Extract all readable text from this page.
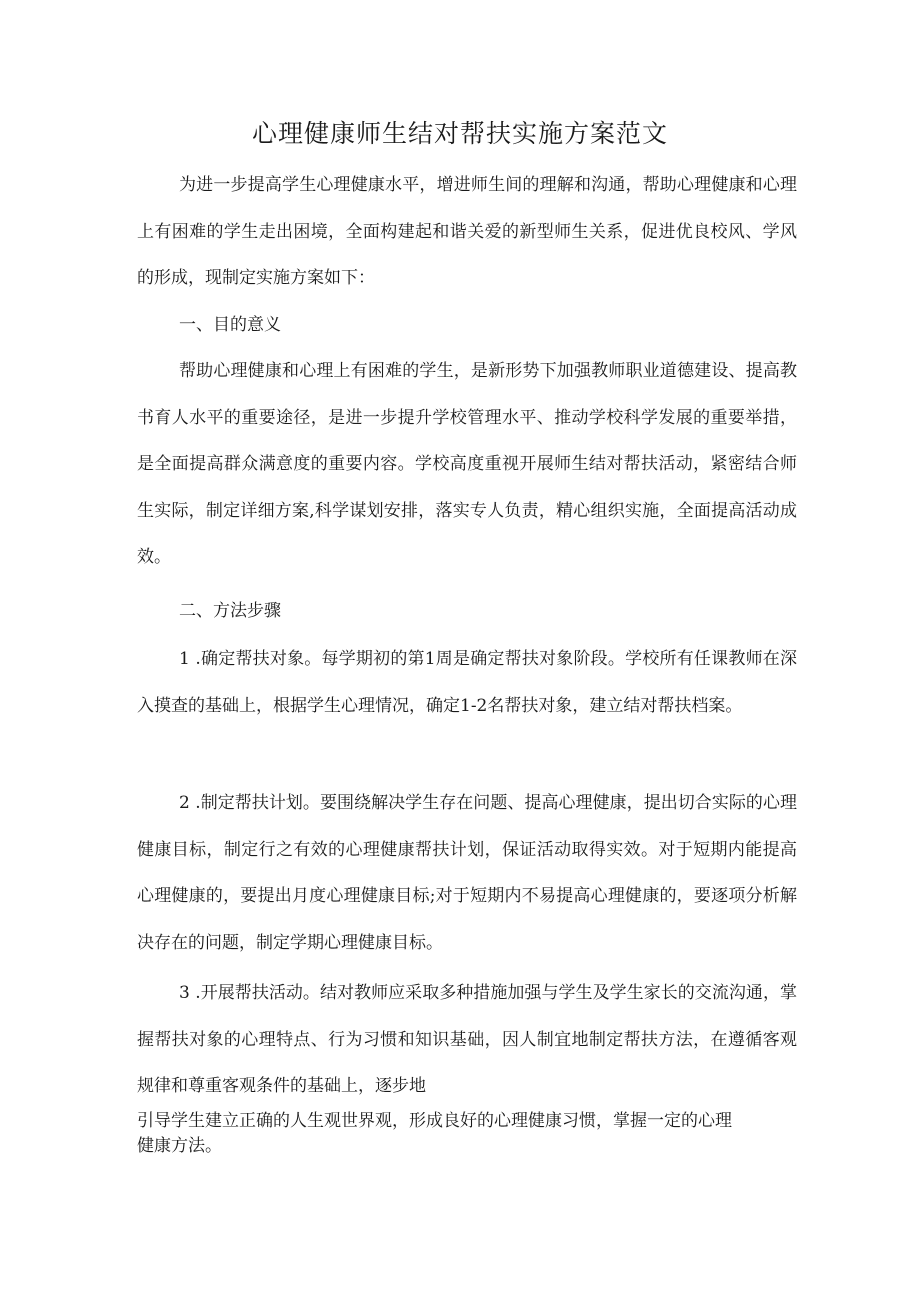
心理健康师生结对帮扶实施方案范文

为进一步提高学生心理健康水平，增进师生间的理解和沟通，帮助心理健康和心理上有困难的学生走出困境，全面构建起和谐关爱的新型师生关系，促进优良校风、学风的形成，现制定实施方案如下：

一、目的意义

帮助心理健康和心理上有困难的学生，是新形势下加强教师职业道德建设、提高教书育人水平的重要途径，是进一步提升学校管理水平、推动学校科学发展的重要举措，是全面提高群众满意度的重要内容。学校高度重视开展师生结对帮扶活动，紧密结合师生实际，制定详细方案,科学谋划安排，落实专人负责，精心组织实施，全面提高活动成效。

二、方法步骤

1 .确定帮扶对象。每学期初的第1周是确定帮扶对象阶段。学校所有任课教师在深入摸查的基础上，根据学生心理情况，确定1-2名帮扶对象，建立结对帮扶档案。

2 .制定帮扶计划。要围绕解决学生存在问题、提高心理健康，提出切合实际的心理健康目标，制定行之有效的心理健康帮扶计划，保证活动取得实效。对于短期内能提高心理健康的，要提出月度心理健康目标;对于短期内不易提高心理健康的，要逐项分析解决存在的问题，制定学期心理健康目标。

3 .开展帮扶活动。结对教师应采取多种措施加强与学生及学生家长的交流沟通，掌握帮扶对象的心理特点、行为习惯和知识基础，因人制宜地制定帮扶方法，在遵循客观规律和尊重客观条件的基础上，逐步地

引导学生建立正确的人生观世界观，形成良好的心理健康习惯，掌握一定的心理

健康方法。
